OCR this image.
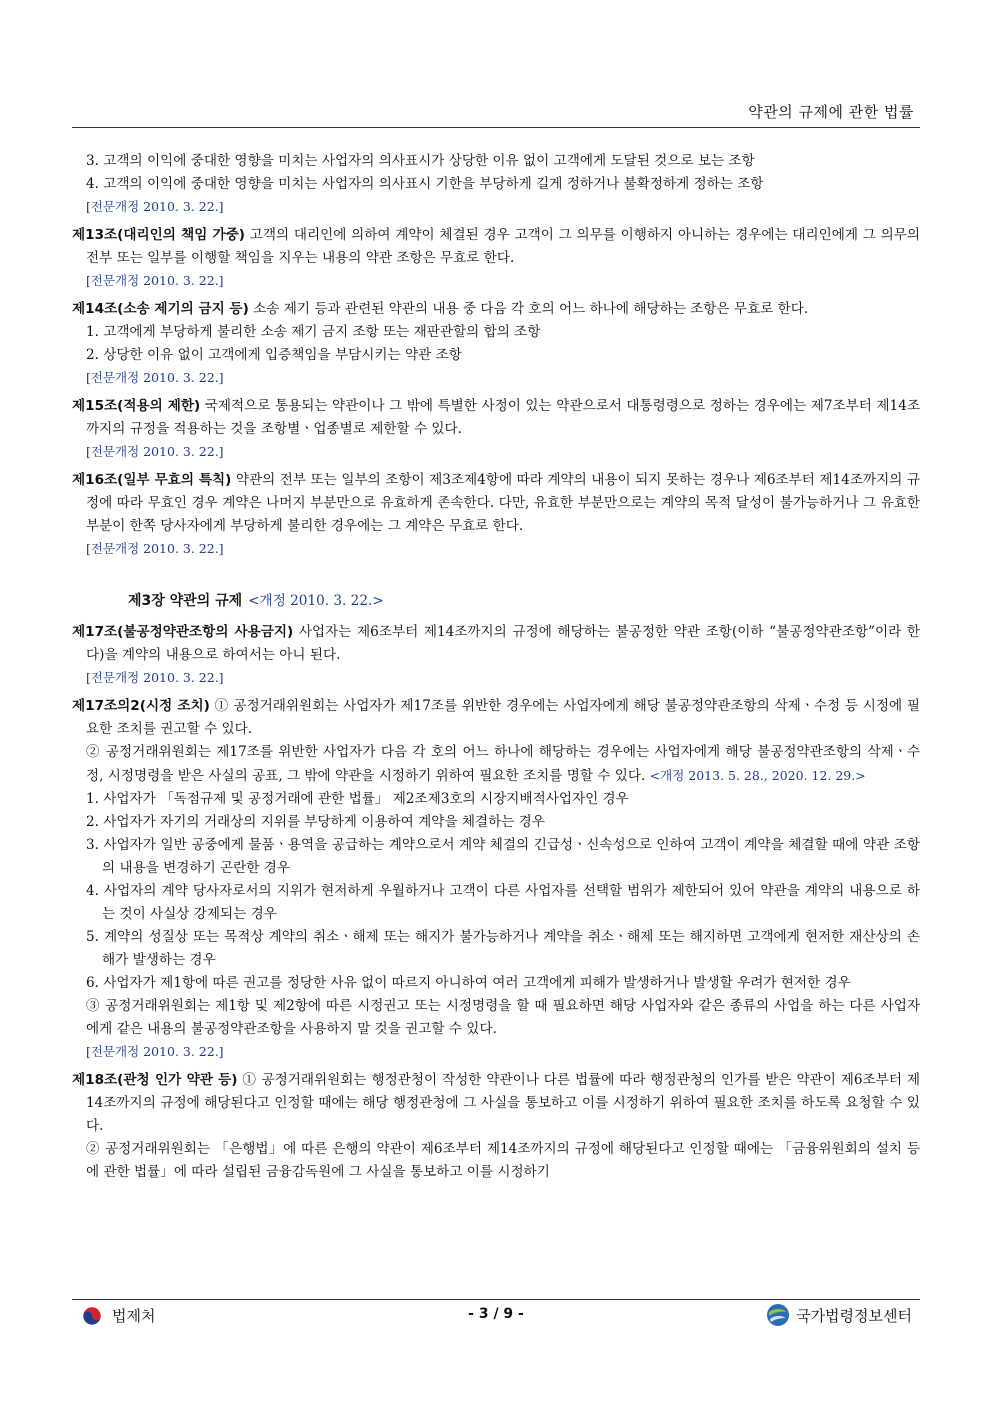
약관의 규제에 관한 법률

3. 고객의 이익에 중대한 영향을 미치는 사업자의 의사표시가 상당한 이유 없이 고객에게 도달된 것으로 보는 조항

4. 고객의 이익에 중대한 영향을 미치는 사업자의 의사표시 기한을 부당하게 길게 정하거나 불확정하게 정하는 조항

[전문개정 2010. 3. 22.]

제13조(대리인의 책임 가중) 고객의 대리인에 의하여 계약이 체결된 경우 고객이 그 의무를 이행하지 아니하는 경우에는 대리인에게 그 의무의 전부 또는 일부를 이행할 책임을 지우는 내용의 약관 조항은 무효로 한다.

[전문개정 2010. 3. 22.]

제14조(소송 제기의 금지 등) 소송 제기 등과 관련된 약관의 내용 중 다음 각 호의 어느 하나에 해당하는 조항은 무효로 한다.

1. 고객에게 부당하게 불리한 소송 제기 금지 조항 또는 재판관할의 합의 조항

2. 상당한 이유 없이 고객에게 입증책임을 부담시키는 약관 조항

[전문개정 2010. 3. 22.]

제15조(적용의 제한) 국제적으로 통용되는 약관이나 그 밖에 특별한 사정이 있는 약관으로서 대통령령으로 정하는 경우에는 제7조부터 제14조까지의 규정을 적용하는 것을 조항별ㆍ업종별로 제한할 수 있다.

[전문개정 2010. 3. 22.]

제16조(일부 무효의 특칙) 약관의 전부 또는 일부의 조항이 제3조제4항에 따라 계약의 내용이 되지 못하는 경우나 제6조부터 제14조까지의 규정에 따라 무효인 경우 계약은 나머지 부분만으로 유효하게 존속한다. 다만, 유효한 부분만으로는 계약의 목적 달성이 불가능하거나 그 유효한 부분이 한쪽 당사자에게 부당하게 불리한 경우에는 그 계약은 무효로 한다.

[전문개정 2010. 3. 22.]

제3장 약관의 규제 <개정 2010. 3. 22.>

제17조(불공정약관조항의 사용금지) 사업자는 제6조부터 제14조까지의 규정에 해당하는 불공정한 약관 조항(이하 “불공정약관조항”이라 한다)을 계약의 내용으로 하여서는 아니 된다.

[전문개정 2010. 3. 22.]

제17조의2(시정 조치) ① 공정거래위원회는 사업자가 제17조를 위반한 경우에는 사업자에게 해당 불공정약관조항의 삭제ㆍ수정 등 시정에 필요한 조치를 권고할 수 있다.

② 공정거래위원회는 제17조를 위반한 사업자가 다음 각 호의 어느 하나에 해당하는 경우에는 사업자에게 해당 불공정약관조항의 삭제ㆍ수정, 시정명령을 받은 사실의 공표, 그 밖에 약관을 시정하기 위하여 필요한 조치를 명할 수 있다. <개정 2013. 5. 28., 2020. 12. 29.>

1. 사업자가 「독점규제 및 공정거래에 관한 법률」 제2조제3호의 시장지배적사업자인 경우

2. 사업자가 자기의 거래상의 지위를 부당하게 이용하여 계약을 체결하는 경우

3. 사업자가 일반 공중에게 물품ㆍ용역을 공급하는 계약으로서 계약 체결의 긴급성ㆍ신속성으로 인하여 고객이 계약을 체결할 때에 약관 조항의 내용을 변경하기 곤란한 경우

4. 사업자의 계약 당사자로서의 지위가 현저하게 우월하거나 고객이 다른 사업자를 선택할 범위가 제한되어 있어 약관을 계약의 내용으로 하는 것이 사실상 강제되는 경우

5. 계약의 성질상 또는 목적상 계약의 취소ㆍ해제 또는 해지가 불가능하거나 계약을 취소ㆍ해제 또는 해지하면 고객에게 현저한 재산상의 손해가 발생하는 경우

6. 사업자가 제1항에 따른 권고를 정당한 사유 없이 따르지 아니하여 여러 고객에게 피해가 발생하거나 발생할 우려가 현저한 경우

③ 공정거래위원회는 제1항 및 제2항에 따른 시정권고 또는 시정명령을 할 때 필요하면 해당 사업자와 같은 종류의 사업을 하는 다른 사업자에게 같은 내용의 불공정약관조항을 사용하지 말 것을 권고할 수 있다.

[전문개정 2010. 3. 22.]

제18조(관청 인가 약관 등) ① 공정거래위원회는 행정관청이 작성한 약관이나 다른 법률에 따라 행정관청의 인가를 받은 약관이 제6조부터 제14조까지의 규정에 해당된다고 인정할 때에는 해당 행정관청에 그 사실을 통보하고 이를 시정하기 위하여 필요한 조치를 하도록 요청할 수 있다.

② 공정거래위원회는 「은행법」에 따른 은행의 약관이 제6조부터 제14조까지의 규정에 해당된다고 인정할 때에는 「금융위원회의 설치 등에 관한 법률」에 따라 설립된 금융감독원에 그 사실을 통보하고 이를 시정하기

법제처	- 3 / 9 -	국가법령정보센터
